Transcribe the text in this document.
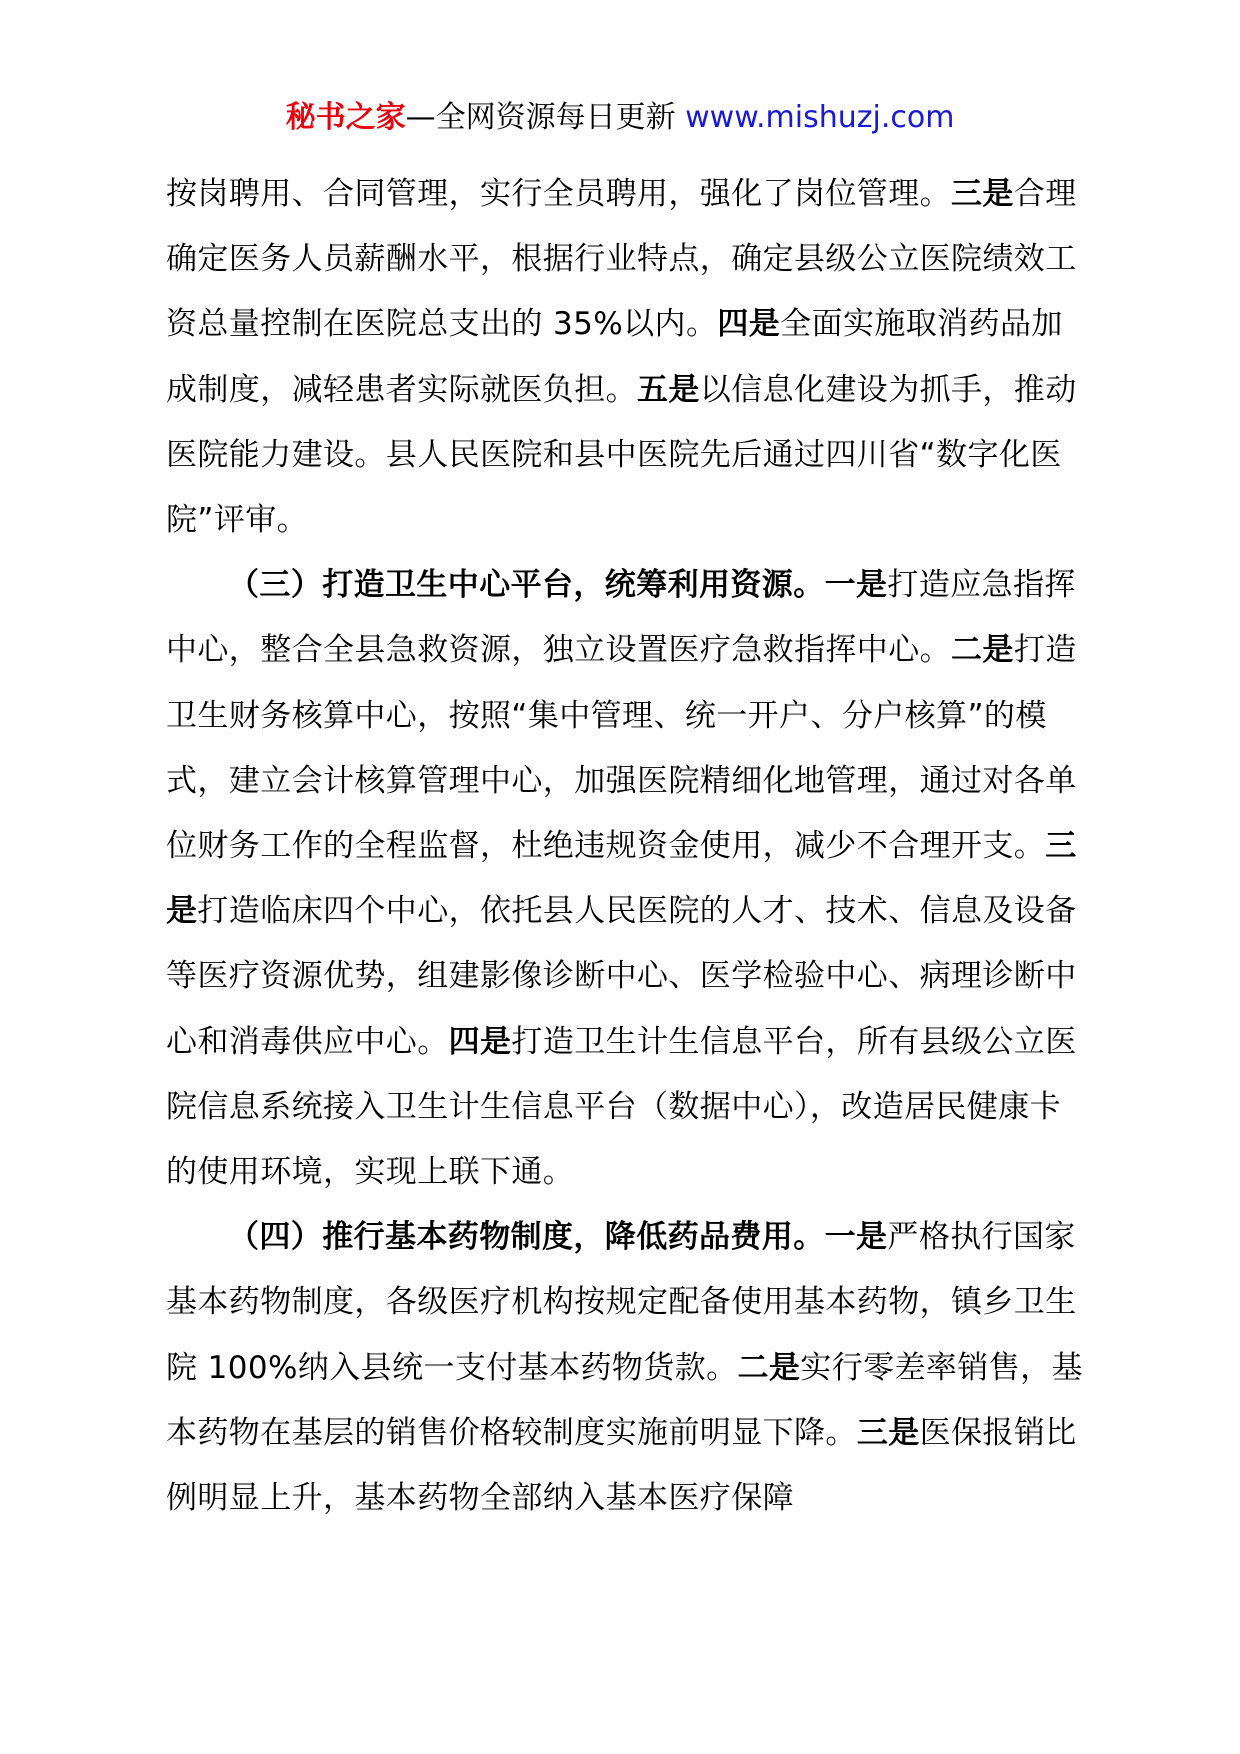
秘书之家—全网资源每日更新 www.mishuzj.com

按岗聘用、合同管理，实行全员聘用，强化了岗位管理。三是合理确定医务人员薪酬水平，根据行业特点，确定县级公立医院绩效工资总量控制在医院总支出的 35%以内。四是全面实施取消药品加成制度，减轻患者实际就医负担。五是以信息化建设为抓手，推动医院能力建设。县人民医院和县中医院先后通过四川省“数字化医院”评审。

（三）打造卫生中心平台，统筹利用资源。一是打造应急指挥中心，整合全县急救资源，独立设置医疗急救指挥中心。二是打造卫生财务核算中心，按照“集中管理、统一开户、分户核算”的模式，建立会计核算管理中心，加强医院精细化地管理，通过对各单位财务工作的全程监督，杜绝违规资金使用，减少不合理开支。三是打造临床四个中心，依托县人民医院的人才、技术、信息及设备等医疗资源优势，组建影像诊断中心、医学检验中心、病理诊断中心和消毒供应中心。四是打造卫生计生信息平台，所有县级公立医院信息系统接入卫生计生信息平台（数据中心），改造居民健康卡的使用环境，实现上联下通。

（四）推行基本药物制度，降低药品费用。一是严格执行国家基本药物制度，各级医疗机构按规定配备使用基本药物，镇乡卫生院 100%纳入县统一支付基本药物货款。二是实行零差率销售，基本药物在基层的销售价格较制度实施前明显下降。三是医保报销比例明显上升，基本药物全部纳入基本医疗保障
